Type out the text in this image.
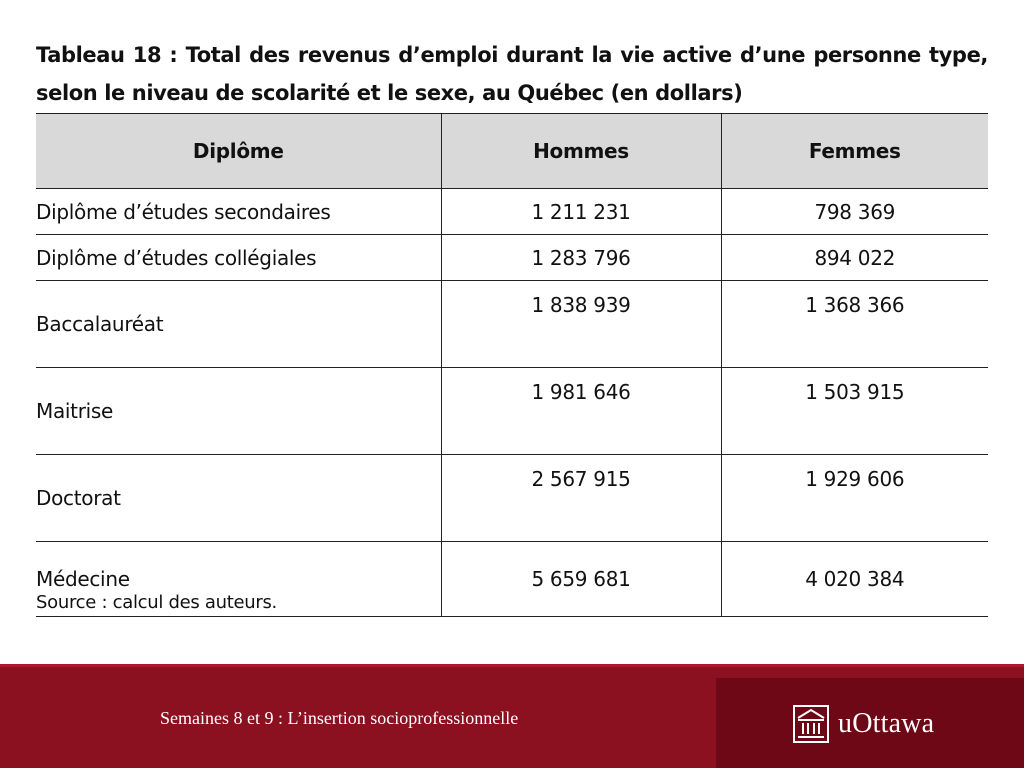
Tableau 18 : Total des revenus d’emploi durant la vie active d’une personne type, selon le niveau de scolarité et le sexe, au Québec (en dollars)
Diplôme	Hommes	Femmes
Diplôme d’études secondaires	1 211 231	798 369
Diplôme d’études collégiales	1 283 796	894 022
Baccalauréat	1 838 939	1 368 366
Maitrise	1 981 646	1 503 915
Doctorat	2 567 915	1 929 606
Médecine	5 659 681	4 020 384

Source : calcul des auteurs.

Semaines 8 et 9 : L’insertion socioprofessionnelle	uOttawa
